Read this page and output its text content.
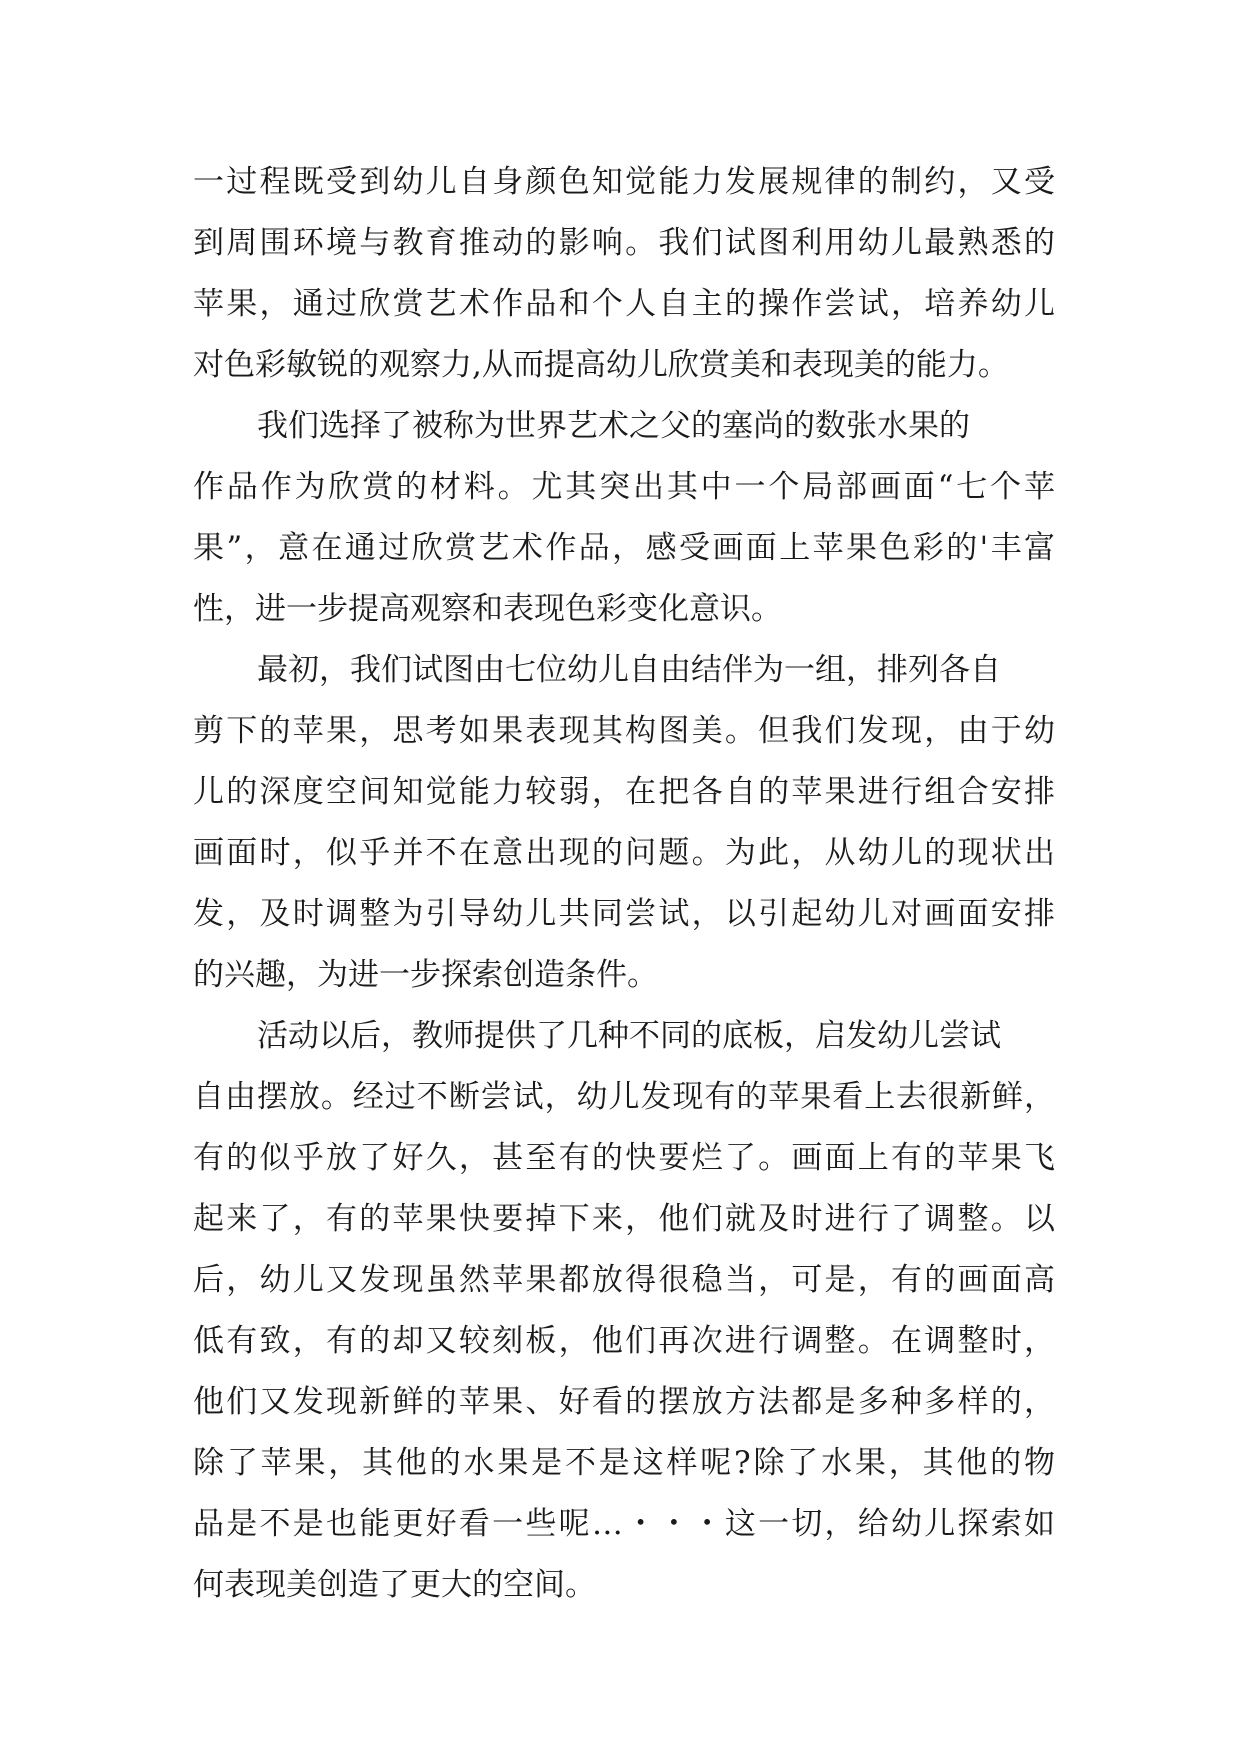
一过程既受到幼儿自身颜色知觉能力发展规律的制约，又受
到周围环境与教育推动的影响。我们试图利用幼儿最熟悉的
苹果，通过欣赏艺术作品和个人自主的操作尝试，培养幼儿
对色彩敏锐的观察力,从而提高幼儿欣赏美和表现美的能力。
我们选择了被称为世界艺术之父的塞尚的数张水果的
作品作为欣赏的材料。尤其突出其中一个局部画面“七个苹
果”，意在通过欣赏艺术作品，感受画面上苹果色彩的'丰富
性，进一步提高观察和表现色彩变化意识。
最初，我们试图由七位幼儿自由结伴为一组，排列各自
剪下的苹果，思考如果表现其构图美。但我们发现，由于幼
儿的深度空间知觉能力较弱，在把各自的苹果进行组合安排
画面时，似乎并不在意出现的问题。为此，从幼儿的现状出
发，及时调整为引导幼儿共同尝试，以引起幼儿对画面安排
的兴趣，为进一步探索创造条件。
活动以后，教师提供了几种不同的底板，启发幼儿尝试
自由摆放。经过不断尝试，幼儿发现有的苹果看上去很新鲜，
有的似乎放了好久，甚至有的快要烂了。画面上有的苹果飞
起来了，有的苹果快要掉下来，他们就及时进行了调整。以
后，幼儿又发现虽然苹果都放得很稳当，可是，有的画面高
低有致，有的却又较刻板，他们再次进行调整。在调整时，
他们又发现新鲜的苹果、好看的摆放方法都是多种多样的，
除了苹果，其他的水果是不是这样呢?除了水果，其他的物
品是不是也能更好看一些呢…・・・这一切，给幼儿探索如
何表现美创造了更大的空间。
